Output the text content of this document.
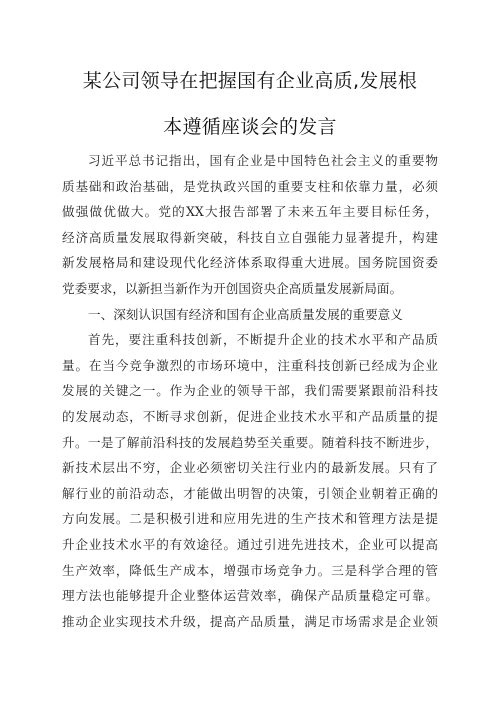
某公司领导在把握国有企业高质,发展根
本遵循座谈会的发言
习近平总书记指出，国有企业是中国特色社会主义的重要物
质基础和政治基础，是党执政兴国的重要支柱和依靠力量，必须
做强做优做大。党的XX大报告部署了未来五年主要目标任务，
经济高质量发展取得新突破，科技自立自强能力显著提升，构建
新发展格局和建设现代化经济体系取得重大进展。国务院国资委
党委要求，以新担当新作为开创国资央企高质量发展新局面。
一、深刻认识国有经济和国有企业高质量发展的重要意义
首先，要注重科技创新，不断提升企业的技术水平和产品质
量。在当今竞争激烈的市场环境中，注重科技创新已经成为企业
发展的关键之一。作为企业的领导干部，我们需要紧跟前沿科技
的发展动态，不断寻求创新，促进企业技术水平和产品质量的提
升。一是了解前沿科技的发展趋势至关重要。随着科技不断进步，
新技术层出不穷，企业必须密切关注行业内的最新发展。只有了
解行业的前沿动态，才能做出明智的决策，引领企业朝着正确的
方向发展。二是积极引进和应用先进的生产技术和管理方法是提
升企业技术水平的有效途径。通过引进先进技术，企业可以提高
生产效率，降低生产成本，增强市场竞争力。三是科学合理的管
理方法也能够提升企业整体运营效率，确保产品质量稳定可靠。
推动企业实现技术升级，提高产品质量，满足市场需求是企业领
